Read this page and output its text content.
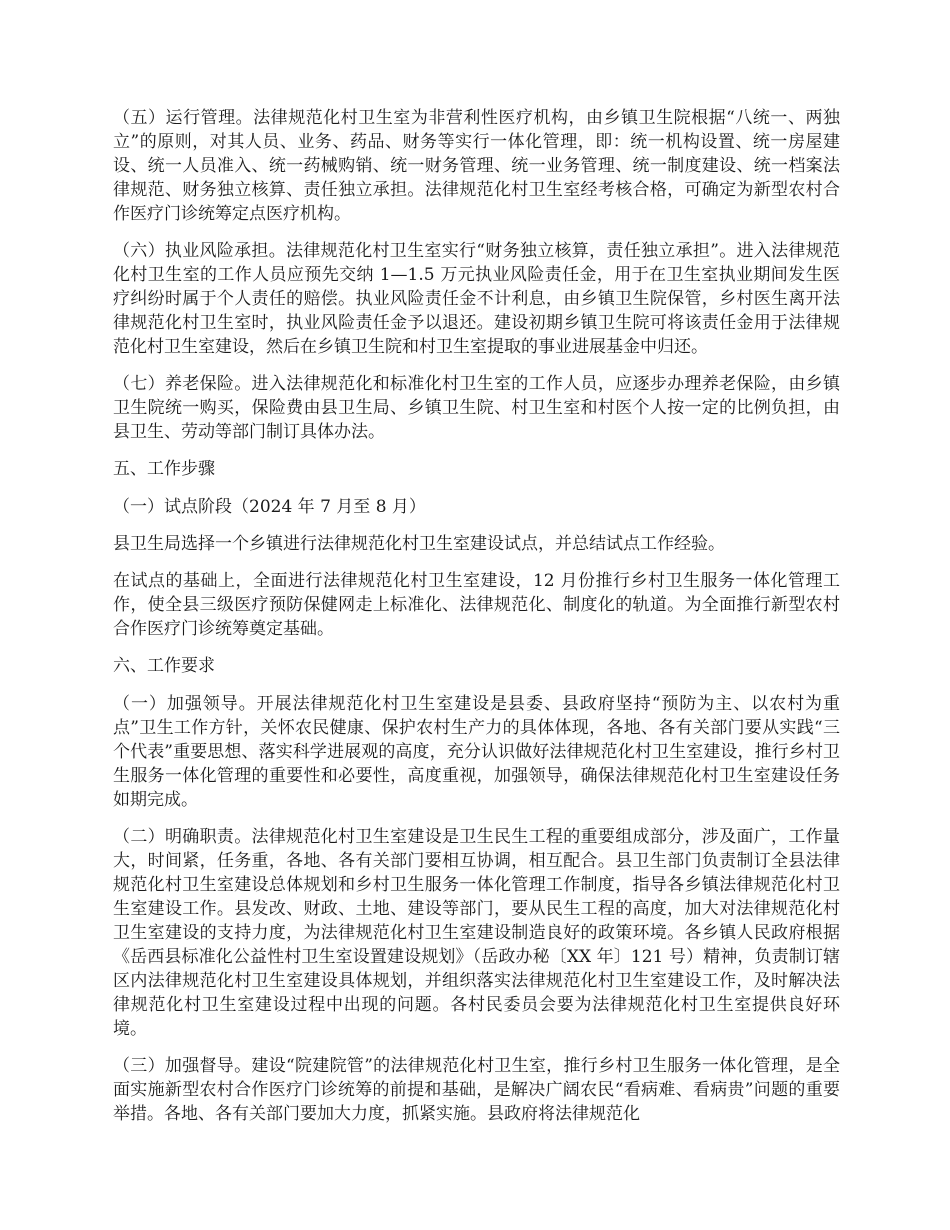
（五）运行管理。法律规范化村卫生室为非营利性医疗机构，由乡镇卫生院根据“八统一、两独立”的原则，对其人员、业务、药品、财务等实行一体化管理，即：统一机构设置、统一房屋建设、统一人员准入、统一药械购销、统一财务管理、统一业务管理、统一制度建设、统一档案法律规范、财务独立核算、责任独立承担。法律规范化村卫生室经考核合格，可确定为新型农村合作医疗门诊统筹定点医疗机构。

（六）执业风险承担。法律规范化村卫生室实行“财务独立核算，责任独立承担”。进入法律规范化村卫生室的工作人员应预先交纳 1—1.5 万元执业风险责任金，用于在卫生室执业期间发生医疗纠纷时属于个人责任的赔偿。执业风险责任金不计利息，由乡镇卫生院保管，乡村医生离开法律规范化村卫生室时，执业风险责任金予以退还。建设初期乡镇卫生院可将该责任金用于法律规范化村卫生室建设，然后在乡镇卫生院和村卫生室提取的事业进展基金中归还。

（七）养老保险。进入法律规范化和标准化村卫生室的工作人员，应逐步办理养老保险，由乡镇卫生院统一购买，保险费由县卫生局、乡镇卫生院、村卫生室和村医个人按一定的比例负担，由县卫生、劳动等部门制订具体办法。

五、工作步骤

（一）试点阶段（2024 年 7 月至 8 月）

县卫生局选择一个乡镇进行法律规范化村卫生室建设试点，并总结试点工作经验。

在试点的基础上，全面进行法律规范化村卫生室建设，12 月份推行乡村卫生服务一体化管理工作，使全县三级医疗预防保健网走上标准化、法律规范化、制度化的轨道。为全面推行新型农村合作医疗门诊统筹奠定基础。

六、工作要求

（一）加强领导。开展法律规范化村卫生室建设是县委、县政府坚持“预防为主、以农村为重点”卫生工作方针，关怀农民健康、保护农村生产力的具体体现，各地、各有关部门要从实践“三个代表”重要思想、落实科学进展观的高度，充分认识做好法律规范化村卫生室建设，推行乡村卫生服务一体化管理的重要性和必要性，高度重视，加强领导，确保法律规范化村卫生室建设任务如期完成。

（二）明确职责。法律规范化村卫生室建设是卫生民生工程的重要组成部分，涉及面广，工作量大，时间紧，任务重，各地、各有关部门要相互协调，相互配合。县卫生部门负责制订全县法律规范化村卫生室建设总体规划和乡村卫生服务一体化管理工作制度，指导各乡镇法律规范化村卫生室建设工作。县发改、财政、土地、建设等部门，要从民生工程的高度，加大对法律规范化村卫生室建设的支持力度，为法律规范化村卫生室建设制造良好的政策环境。各乡镇人民政府根据《岳西县标准化公益性村卫生室设置建设规划》（岳政办秘〔XX 年〕121 号）精神，负责制订辖区内法律规范化村卫生室建设具体规划，并组织落实法律规范化村卫生室建设工作，及时解决法律规范化村卫生室建设过程中出现的问题。各村民委员会要为法律规范化村卫生室提供良好环境。

（三）加强督导。建设“院建院管”的法律规范化村卫生室，推行乡村卫生服务一体化管理，是全面实施新型农村合作医疗门诊统筹的前提和基础，是解决广阔农民“看病难、看病贵”问题的重要举措。各地、各有关部门要加大力度，抓紧实施。县政府将法律规范化
